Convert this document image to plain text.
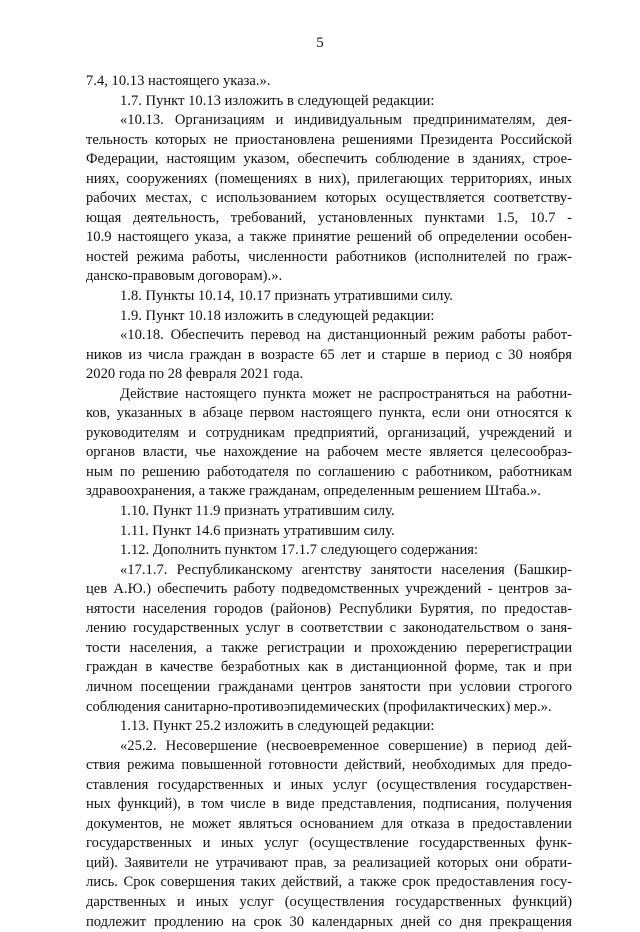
5
7.4, 10.13 настоящего указа.».
1.7. Пункт 10.13 изложить в следующей редакции:
«10.13. Организациям и индивидуальным предпринимателям, дея-
тельность которых не приостановлена решениями Президента Российской
Федерации, настоящим указом, обеспечить соблюдение в зданиях, строе-
ниях, сооружениях (помещениях в них), прилегающих территориях, иных
рабочих местах, с использованием которых осуществляется соответству-
ющая деятельность, требований, установленных пунктами 1.5, 10.7 -
10.9 настоящего указа, а также принятие решений об определении особен-
ностей режима работы, численности работников (исполнителей по граж-
данско-правовым договорам).».
1.8. Пункты 10.14, 10.17 признать утратившими силу.
1.9. Пункт 10.18 изложить в следующей редакции:
«10.18. Обеспечить перевод на дистанционный режим работы работ-
ников из числа граждан в возрасте 65 лет и старше в период с 30 ноября
2020 года по 28 февраля 2021 года.
Действие настоящего пункта может не распространяться на работни-
ков, указанных в абзаце первом настоящего пункта, если они относятся к
руководителям и сотрудникам предприятий, организаций, учреждений и
органов власти, чье нахождение на рабочем месте является целесообраз-
ным по решению работодателя по соглашению с работником, работникам
здравоохранения, а также гражданам, определенным решением Штаба.».
1.10. Пункт 11.9 признать утратившим силу.
1.11. Пункт 14.6 признать утратившим силу.
1.12. Дополнить пунктом 17.1.7 следующего содержания:
«17.1.7. Республиканскому агентству занятости населения (Башкир-
цев А.Ю.) обеспечить работу подведомственных учреждений - центров за-
нятости населения городов (районов) Республики Бурятия, по предостав-
лению государственных услуг в соответствии с законодательством о заня-
тости населения, а также регистрации и прохождению перерегистрации
граждан в качестве безработных как в дистанционной форме, так и при
личном посещении гражданами центров занятости при условии строгого
соблюдения санитарно-противоэпидемических (профилактических) мер.».
1.13. Пункт 25.2 изложить в следующей редакции:
«25.2. Несовершение (несвоевременное совершение) в период дей-
ствия режима повышенной готовности действий, необходимых для предо-
ставления государственных и иных услуг (осуществления государствен-
ных функций), в том числе в виде представления, подписания, получения
документов, не может являться основанием для отказа в предоставлении
государственных и иных услуг (осуществление государственных функ-
ций). Заявители не утрачивают прав, за реализацией которых они обрати-
лись. Срок совершения таких действий, а также срок предоставления госу-
дарственных и иных услуг (осуществления государственных функций)
подлежит продлению на срок 30 календарных дней со дня прекращения
